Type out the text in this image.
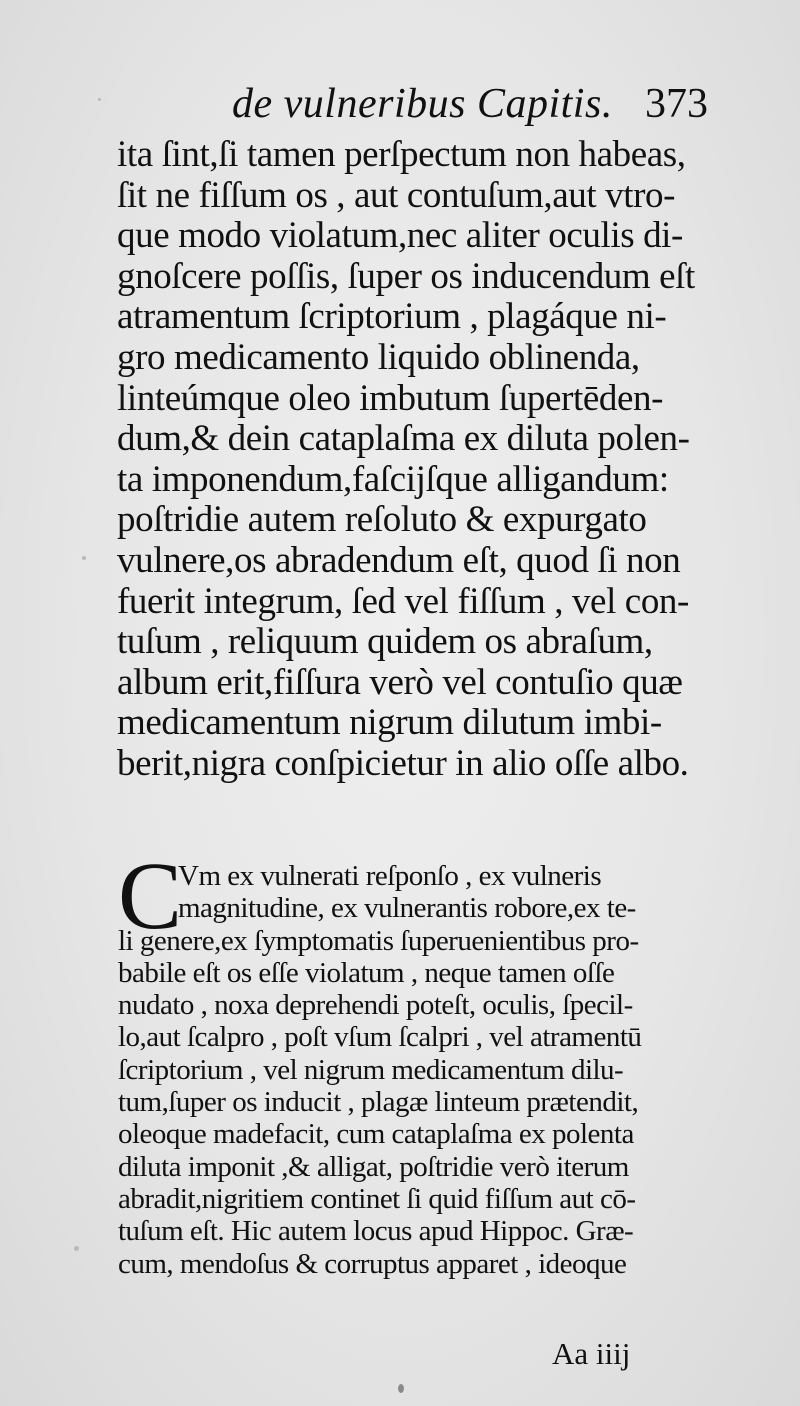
de vulneribus Capitis. 373
ita ſint,ſi tamen perſpectum non habeas,
ſit ne fiſſum os , aut contuſum,aut vtro-
que modo violatum,nec aliter oculis di-
gnoſcere poſſis, ſuper os inducendum eſt
atramentum ſcriptorium , plagáque ni-
gro medicamento liquido oblinenda,
linteúmque oleo imbutum ſupertēden-
dum,& dein cataplaſma ex diluta polen-
ta imponendum,faſcijſque alligandum:
poſtridie autem reſoluto & expurgato
vulnere,os abradendum eſt, quod ſi non
fuerit integrum, ſed vel fiſſum , vel con-
tuſum , reliquum quidem os abraſum,
album erit,fiſſura verò vel contuſio quæ
medicamentum nigrum dilutum imbi-
berit,nigra conſpicietur in alio oſſe albo.
C
Vm ex vulnerati reſponſo , ex vulneris
magnitudine, ex vulnerantis robore,ex te-
li genere,ex ſymptomatis ſuperuenientibus pro-
babile eſt os eſſe violatum , neque tamen oſſe
nudato , noxa deprehendi poteſt, oculis, ſpecil-
lo,aut ſcalpro , poſt vſum ſcalpri , vel atramentū
ſcriptorium , vel nigrum medicamentum dilu-
tum,ſuper os inducit , plagæ linteum prætendit,
oleoque madefacit, cum cataplaſma ex polenta
diluta imponit ,& alligat, poſtridie verò iterum
abradit,nigritiem continet ſi quid fiſſum aut cō-
tuſum eſt. Hic autem locus apud Hippoc. Græ-
cum, mendoſus & corruptus apparet , ideoque
Aa iiij
